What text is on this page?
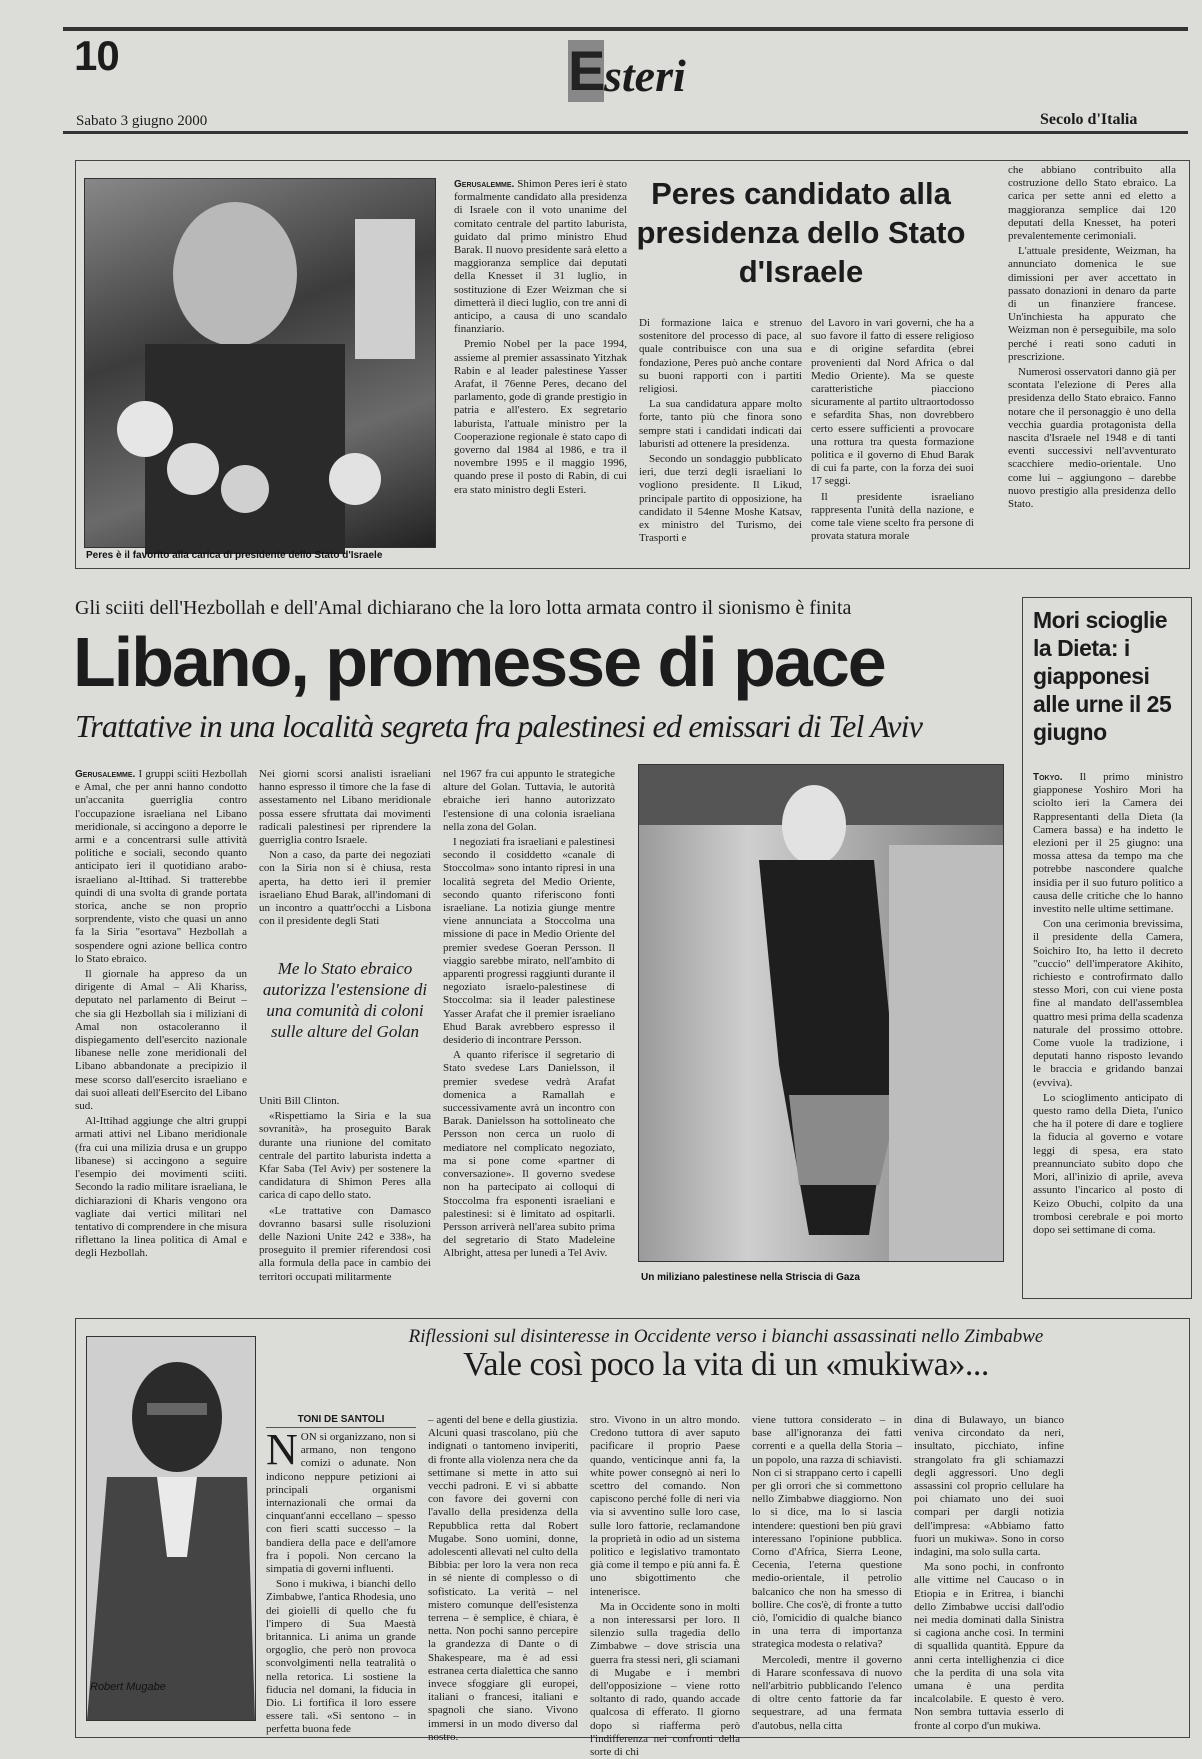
10	Esteri
Sabato 3 giugno 2000	Secolo d'Italia
Peres è il favorito alla carica di presidente dello Stato d'Israele

Gerusalemme. Shimon Peres ieri è stato formalmente candidato alla presidenza di Israele con il voto unanime del comitato centrale del partito laburista, guidato dal primo ministro Ehud Barak. Il nuovo presidente sarà eletto a maggioranza semplice dai deputati della Knesset il 31 luglio, in sostituzione di Ezer Weizman che si dimetterà il dieci luglio, con tre anni di anticipo, a causa di uno scandalo finanziario.

Premio Nobel per la pace 1994, assieme al premier assassinato Yitzhak Rabin e al leader palestinese Yasser Arafat, il 76enne Peres, decano del parlamento, gode di grande prestigio in patria e all'estero. Ex segretario laburista, l'attuale ministro per la Cooperazione regionale è stato capo di governo dal 1984 al 1986, e tra il novembre 1995 e il maggio 1996, quando prese il posto di Rabin, di cui era stato ministro degli Esteri.

Peres candidato alla presidenza dello Stato d'Israele

Di formazione laica e strenuo sostenitore del processo di pace, al quale contribuisce con una sua fondazione, Peres può anche contare su buoni rapporti con i partiti religiosi.

La sua candidatura appare molto forte, tanto più che finora sono sempre stati i candidati indicati dai laburisti ad ottenere la presidenza.

Secondo un sondaggio pubblicato ieri, due terzi degli israeliani lo vogliono presidente. Il Likud, principale partito di opposizione, ha candidato il 54enne Moshe Katsav, ex ministro del Turismo, dei Trasporti e

del Lavoro in vari governi, che ha a suo favore il fatto di essere religioso e di origine sefardita (ebrei provenienti dal Nord Africa o dal Medio Oriente). Ma se queste caratteristiche piacciono sicuramente al partito ultraortodosso e sefardita Shas, non dovrebbero certo essere sufficienti a provocare una rottura tra questa formazione politica e il governo di Ehud Barak di cui fa parte, con la forza dei suoi 17 seggi.

Il presidente israeliano rappresenta l'unità della nazione, e come tale viene scelto fra persone di provata statura morale

che abbiano contribuito alla costruzione dello Stato ebraico. La carica per sette anni ed eletto a maggioranza semplice dai 120 deputati della Knesset, ha poteri prevalentemente cerimoniali.

L'attuale presidente, Weizman, ha annunciato domenica le sue dimissioni per aver accettato in passato donazioni in denaro da parte di un finanziere francese. Un'inchiesta ha appurato che Weizman non è perseguibile, ma solo perché i reati sono caduti in prescrizione.

Numerosi osservatori danno già per scontata l'elezione di Peres alla presidenza dello Stato ebraico. Fanno notare che il personaggio è uno della vecchia guardia protagonista della nascita d'Israele nel 1948 e di tanti eventi successivi nell'avventurato scacchiere medio-orientale. Uno come lui – aggiungono – darebbe nuovo prestigio alla presidenza dello Stato.

Gli sciiti dell'Hezbollah e dell'Amal dichiarano che la loro lotta armata contro il sionismo è finita
Libano, promesse di pace
Trattative in una località segreta fra palestinesi ed emissari di Tel Aviv

Gerusalemme. I gruppi sciiti Hezbollah e Amal, che per anni hanno condotto un'accanita guerriglia contro l'occupazione israeliana nel Libano meridionale, si accingono a deporre le armi e a concentrarsi sulle attività politiche e sociali, secondo quanto anticipato ieri il quotidiano arabo-israeliano al-Ittihad. Si tratterebbe quindi di una svolta di grande portata storica, anche se non proprio sorprendente, visto che quasi un anno fa la Siria "esortava" Hezbollah a sospendere ogni azione bellica contro lo Stato ebraico.

Il giornale ha appreso da un dirigente di Amal – Ali Khariss, deputato nel parlamento di Beirut – che sia gli Hezbollah sia i miliziani di Amal non ostacoleranno il dispiegamento dell'esercito nazionale libanese nelle zone meridionali del Libano abbandonate a precipizio il mese scorso dall'esercito israeliano e dai suoi alleati dell'Esercito del Libano sud.

Al-Ittihad aggiunge che altri gruppi armati attivi nel Libano meridionale (fra cui una milizia drusa e un gruppo libanese) si accingono a seguire l'esempio dei movimenti sciiti. Secondo la radio militare israeliana, le dichiarazioni di Kharis vengono ora vagliate dai vertici militari nel tentativo di comprendere in che misura riflettano la linea politica di Amal e degli Hezbollah.

Nei giorni scorsi analisti israeliani hanno espresso il timore che la fase di assestamento nel Libano meridionale possa essere sfruttata dai movimenti radicali palestinesi per riprendere la guerriglia contro Israele.

Non a caso, da parte dei negoziati con la Siria non si è chiusa, resta aperta, ha detto ieri il premier israeliano Ehud Barak, all'indomani di un incontro a quattr'occhi a Lisbona con il presidente degli Stati

Me lo Stato ebraico autorizza l'estensione di una comunità di coloni sulle alture del Golan

Uniti Bill Clinton.

«Rispettiamo la Siria e la sua sovranità», ha proseguito Barak durante una riunione del comitato centrale del partito laburista indetta a Kfar Saba (Tel Aviv) per sostenere la candidatura di Shimon Peres alla carica di capo dello stato.

«Le trattative con Damasco dovranno basarsi sulle risoluzioni delle Nazioni Unite 242 e 338», ha proseguito il premier riferendosi così alla formula della pace in cambio dei territori occupati militarmente

nel 1967 fra cui appunto le strategiche alture del Golan. Tuttavia, le autorità ebraiche ieri hanno autorizzato l'estensione di una colonia israeliana nella zona del Golan.

I negoziati fra israeliani e palestinesi secondo il cosiddetto «canale di Stoccolma» sono intanto ripresi in una località segreta del Medio Oriente, secondo quanto riferiscono fonti israeliane. La notizia giunge mentre viene annunciata a Stoccolma una missione di pace in Medio Oriente del premier svedese Goeran Persson. Il viaggio sarebbe mirato, nell'ambito di apparenti progressi raggiunti durante il negoziato israelo-palestinese di Stoccolma: sia il leader palestinese Yasser Arafat che il premier israeliano Ehud Barak avrebbero espresso il desiderio di incontrare Persson.

A quanto riferisce il segretario di Stato svedese Lars Danielsson, il premier svedese vedrà Arafat domenica a Ramallah e successivamente avrà un incontro con Barak. Danielsson ha sottolineato che Persson non cerca un ruolo di mediatore nel complicato negoziato, ma si pone come «partner di conversazione». Il governo svedese non ha partecipato ai colloqui di Stoccolma fra esponenti israeliani e palestinesi: si è limitato ad ospitarli. Persson arriverà nell'area subito prima del segretario di Stato Madeleine Albright, attesa per lunedì a Tel Aviv.

Un miliziano palestinese nella Striscia di Gaza
Mori scioglie la Dieta: i giapponesi alle urne il 25 giugno

Tokyo. Il primo ministro giapponese Yoshiro Mori ha sciolto ieri la Camera dei Rappresentanti della Dieta (la Camera bassa) e ha indetto le elezioni per il 25 giugno: una mossa attesa da tempo ma che potrebbe nascondere qualche insidia per il suo futuro politico a causa delle critiche che lo hanno investito nelle ultime settimane.

Con una cerimonia brevissima, il presidente della Camera, Soichiro Ito, ha letto il decreto "cuccio" dell'imperatore Akihito, richiesto e controfirmato dallo stesso Mori, con cui viene posta fine al mandato dell'assemblea quattro mesi prima della scadenza naturale del prossimo ottobre. Come vuole la tradizione, i deputati hanno risposto levando le braccia e gridando banzai (evviva).

Lo scioglimento anticipato di questo ramo della Dieta, l'unico che ha il potere di dare e togliere la fiducia al governo e votare leggi di spesa, era stato preannunciato subito dopo che Mori, all'inizio di aprile, aveva assunto l'incarico al posto di Keizo Obuchi, colpito da una trombosi cerebrale e poi morto dopo sei settimane di coma.

Robert Mugabe
Riflessioni sul disinteresse in Occidente verso i bianchi assassinati nello Zimbabwe
Vale così poco la vita di un «mukiwa»...
TONI DE SANTOLI
N ON si organizzano, non si armano, non tengono comizi o adunate. Non indicono neppure petizioni ai principali organismi internazionali che ormai da cinquant'anni eccellano – spesso con fieri scatti successo – la bandiera della pace e dell'amore fra i popoli. Non cercano la simpatia di governi influenti.

Sono i mukiwa, i bianchi dello Zimbabwe, l'antica Rhodesia, uno dei gioielli di quello che fu l'impero di Sua Maestà britannica. Li anima un grande orgoglio, che però non provoca sconvolgimenti nella teatralità o nella retorica. Li sostiene la fiducia nel domani, la fiducia in Dio. Li fortifica il loro essere essere tali. «Si sentono – in perfetta buona fede

– agenti del bene e della giustizia. Alcuni quasi trascolano, più che indignati o tantomeno inviperiti, di fronte alla violenza nera che da settimane si mette in atto sui vecchi padroni. E vi si abbatte con favore dei governi con l'avallo della presidenza della Repubblica retta dal Robert Mugabe. Sono uomini, donne, adolescenti allevati nel culto della Bibbia: per loro la vera non reca in sé niente di complesso o di sofisticato. La verità – nel mistero comunque dell'esistenza terrena – è semplice, è chiara, è netta. Non pochi sanno percepire la grandezza di Dante o di Shakespeare, ma è ad essi estranea certa dialettica che sanno invece sfoggiare gli europei, italiani o francesi, italiani e spagnoli che siano. Vivono immersi in un modo diverso dal nostro.

stro. Vivono in un altro mondo. Credono tuttora di aver saputo pacificare il proprio Paese quando, venticinque anni fa, la white power consegnò ai neri lo scettro del comando. Non capiscono perché folle di neri via via si avventino sulle loro case, sulle loro fattorie, reclamandone la proprietà in odio ad un sistema politico e legislativo tramontato già come il tempo e più anni fa. È uno sbigottimento che intenerisce.

Ma in Occidente sono in molti a non interessarsi per loro. Il silenzio sulla tragedia dello Zimbabwe – dove striscia una guerra fra stessi neri, gli sciamani di Mugabe e i membri dell'opposizione – viene rotto soltanto di rado, quando accade qualcosa di efferato. Il giorno dopo si riafferma però l'indifferenza nei confronti della sorte di chi

viene tuttora considerato – in base all'ignoranza dei fatti correnti e a quella della Storia – un popolo, una razza di schiavisti. Non ci si strappano certo i capelli per gli orrori che si commettono nello Zimbabwe diaggiorno. Non lo si dice, ma lo si lascia intendere: questioni ben più gravi interessano l'opinione pubblica. Corno d'Africa, Sierra Leone, Cecenia, l'eterna questione medio-orientale, il petrolio balcanico che non ha smesso di bollire. Che cos'è, di fronte a tutto ciò, l'omicidio di qualche bianco in una terra di importanza strategica modesta o relativa?

Mercoledì, mentre il governo di Harare sconfessava di nuovo nell'arbitrio pubblicando l'elenco di oltre cento fattorie da far sequestrare, ad una fermata d'autobus, nella citta

dina di Bulawayo, un bianco veniva circondato da neri, insultato, picchiato, infine strangolato fra gli schiamazzi degli aggressori. Uno degli assassini col proprio cellulare ha poi chiamato uno dei suoi compari per dargli notizia dell'impresa: «Abbiamo fatto fuori un mukiwa». Sono in corso indagini, ma solo sulla carta.

Ma sono pochi, in confronto alle vittime nel Caucaso o in Etiopia e in Eritrea, i bianchi dello Zimbabwe uccisi dall'odio nei media dominati dalla Sinistra si cagiona anche così. In termini di squallida quantità. Eppure da anni certa intellighenzia ci dice che la perdita di una sola vita umana è una perdita incalcolabile. E questo è vero. Non sembra tuttavia esserlo di fronte al corpo d'un mukiwa.
